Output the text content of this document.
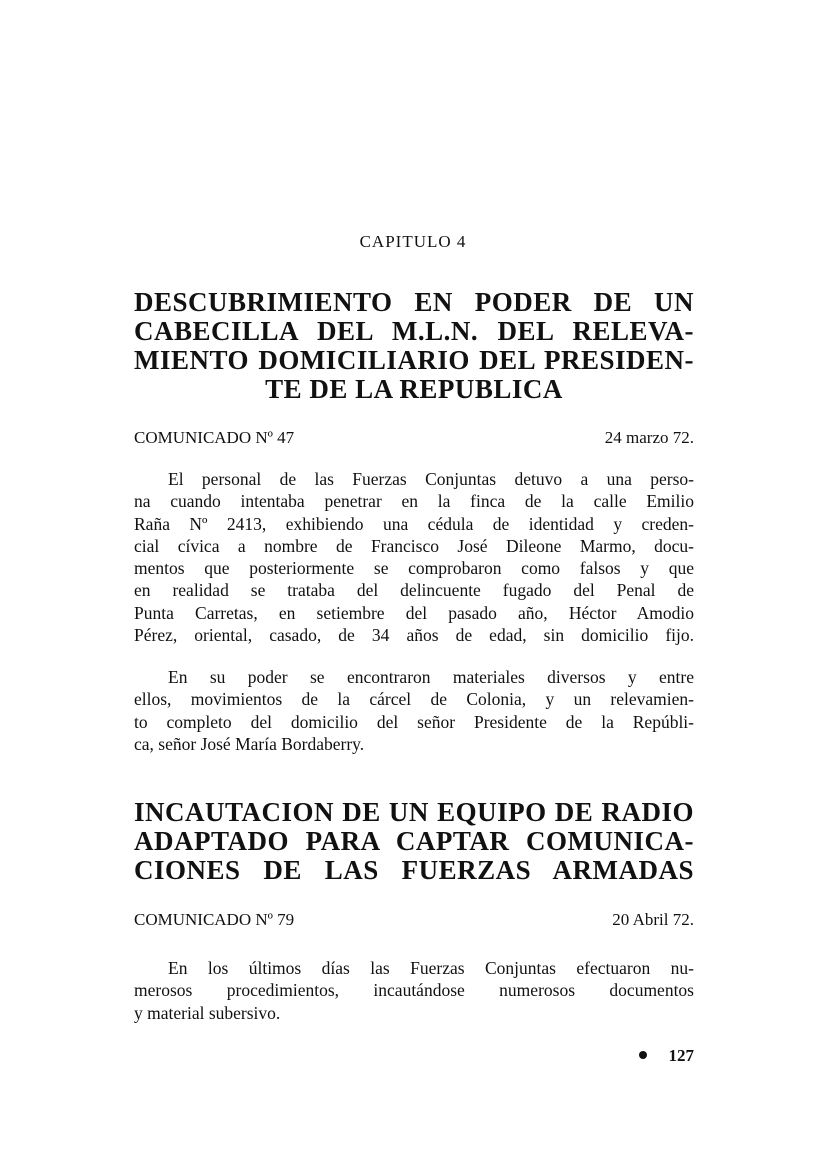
CAPITULO 4
DESCUBRIMIENTO EN PODER DE UN
CABECILLA DEL M.L.N. DEL RELEVA-
MIENTO DOMICILIARIO DEL PRESIDEN-
TE DE LA REPUBLICA
COMUNICADO Nº 47	24 marzo 72.
El personal de las Fuerzas Conjuntas detuvo a una perso-
na cuando intentaba penetrar en la finca de la calle Emilio
Raña Nº 2413, exhibiendo una cédula de identidad y creden-
cial cívica a nombre de Francisco José Dileone Marmo, docu-
mentos que posteriormente se comprobaron como falsos y que
en realidad se trataba del delincuente fugado del Penal de
Punta Carretas, en setiembre del pasado año, Héctor Amodio
Pérez, oriental, casado, de 34 años de edad, sin domicilio fijo.
En su poder se encontraron materiales diversos y entre
ellos, movimientos de la cárcel de Colonia, y un relevamien-
to completo del domicilio del señor Presidente de la Repúbli-
ca, señor José María Bordaberry.
INCAUTACION DE UN EQUIPO DE RADIO
ADAPTADO PARA CAPTAR COMUNICA-
CIONES DE LAS FUERZAS ARMADAS
COMUNICADO Nº 79	20 Abril 72.
En los últimos días las Fuerzas Conjuntas efectuaron nu-
merosos procedimientos, incautándose numerosos documentos
y material subersivo.
127
